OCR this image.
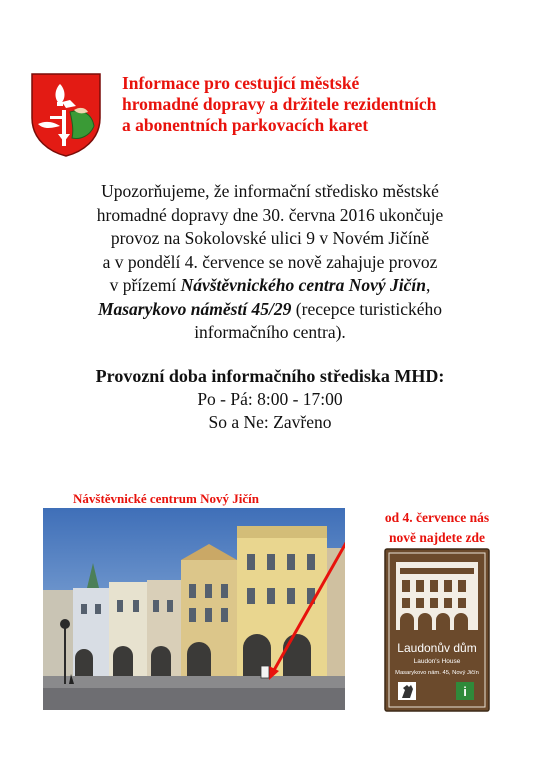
Informace pro cestující městské
hromadné dopravy a držitele rezidentních
a abonentních parkovacích karet
Upozorňujeme, že informační středisko městské
hromadné dopravy dne 30. června 2016 ukončuje
provoz na Sokolovské ulici 9 v Novém Jičíně
a v pondělí 4. července se nově zahajuje provoz
v přízemí Návštěvnického centra Nový Jičín,
Masarykovo náměstí 45/29 (recepce turistického
informačního centra).
Provozní doba informačního střediska MHD:
Po - Pá: 8:00 - 17:00
So a Ne: Zavřeno
Návštěvnické centrum Nový Jičín
od 4. července nás
nově najdete zde
Laudonův dům
Laudon's House
Masarykovo nám. 45, Nový Jičín
i
